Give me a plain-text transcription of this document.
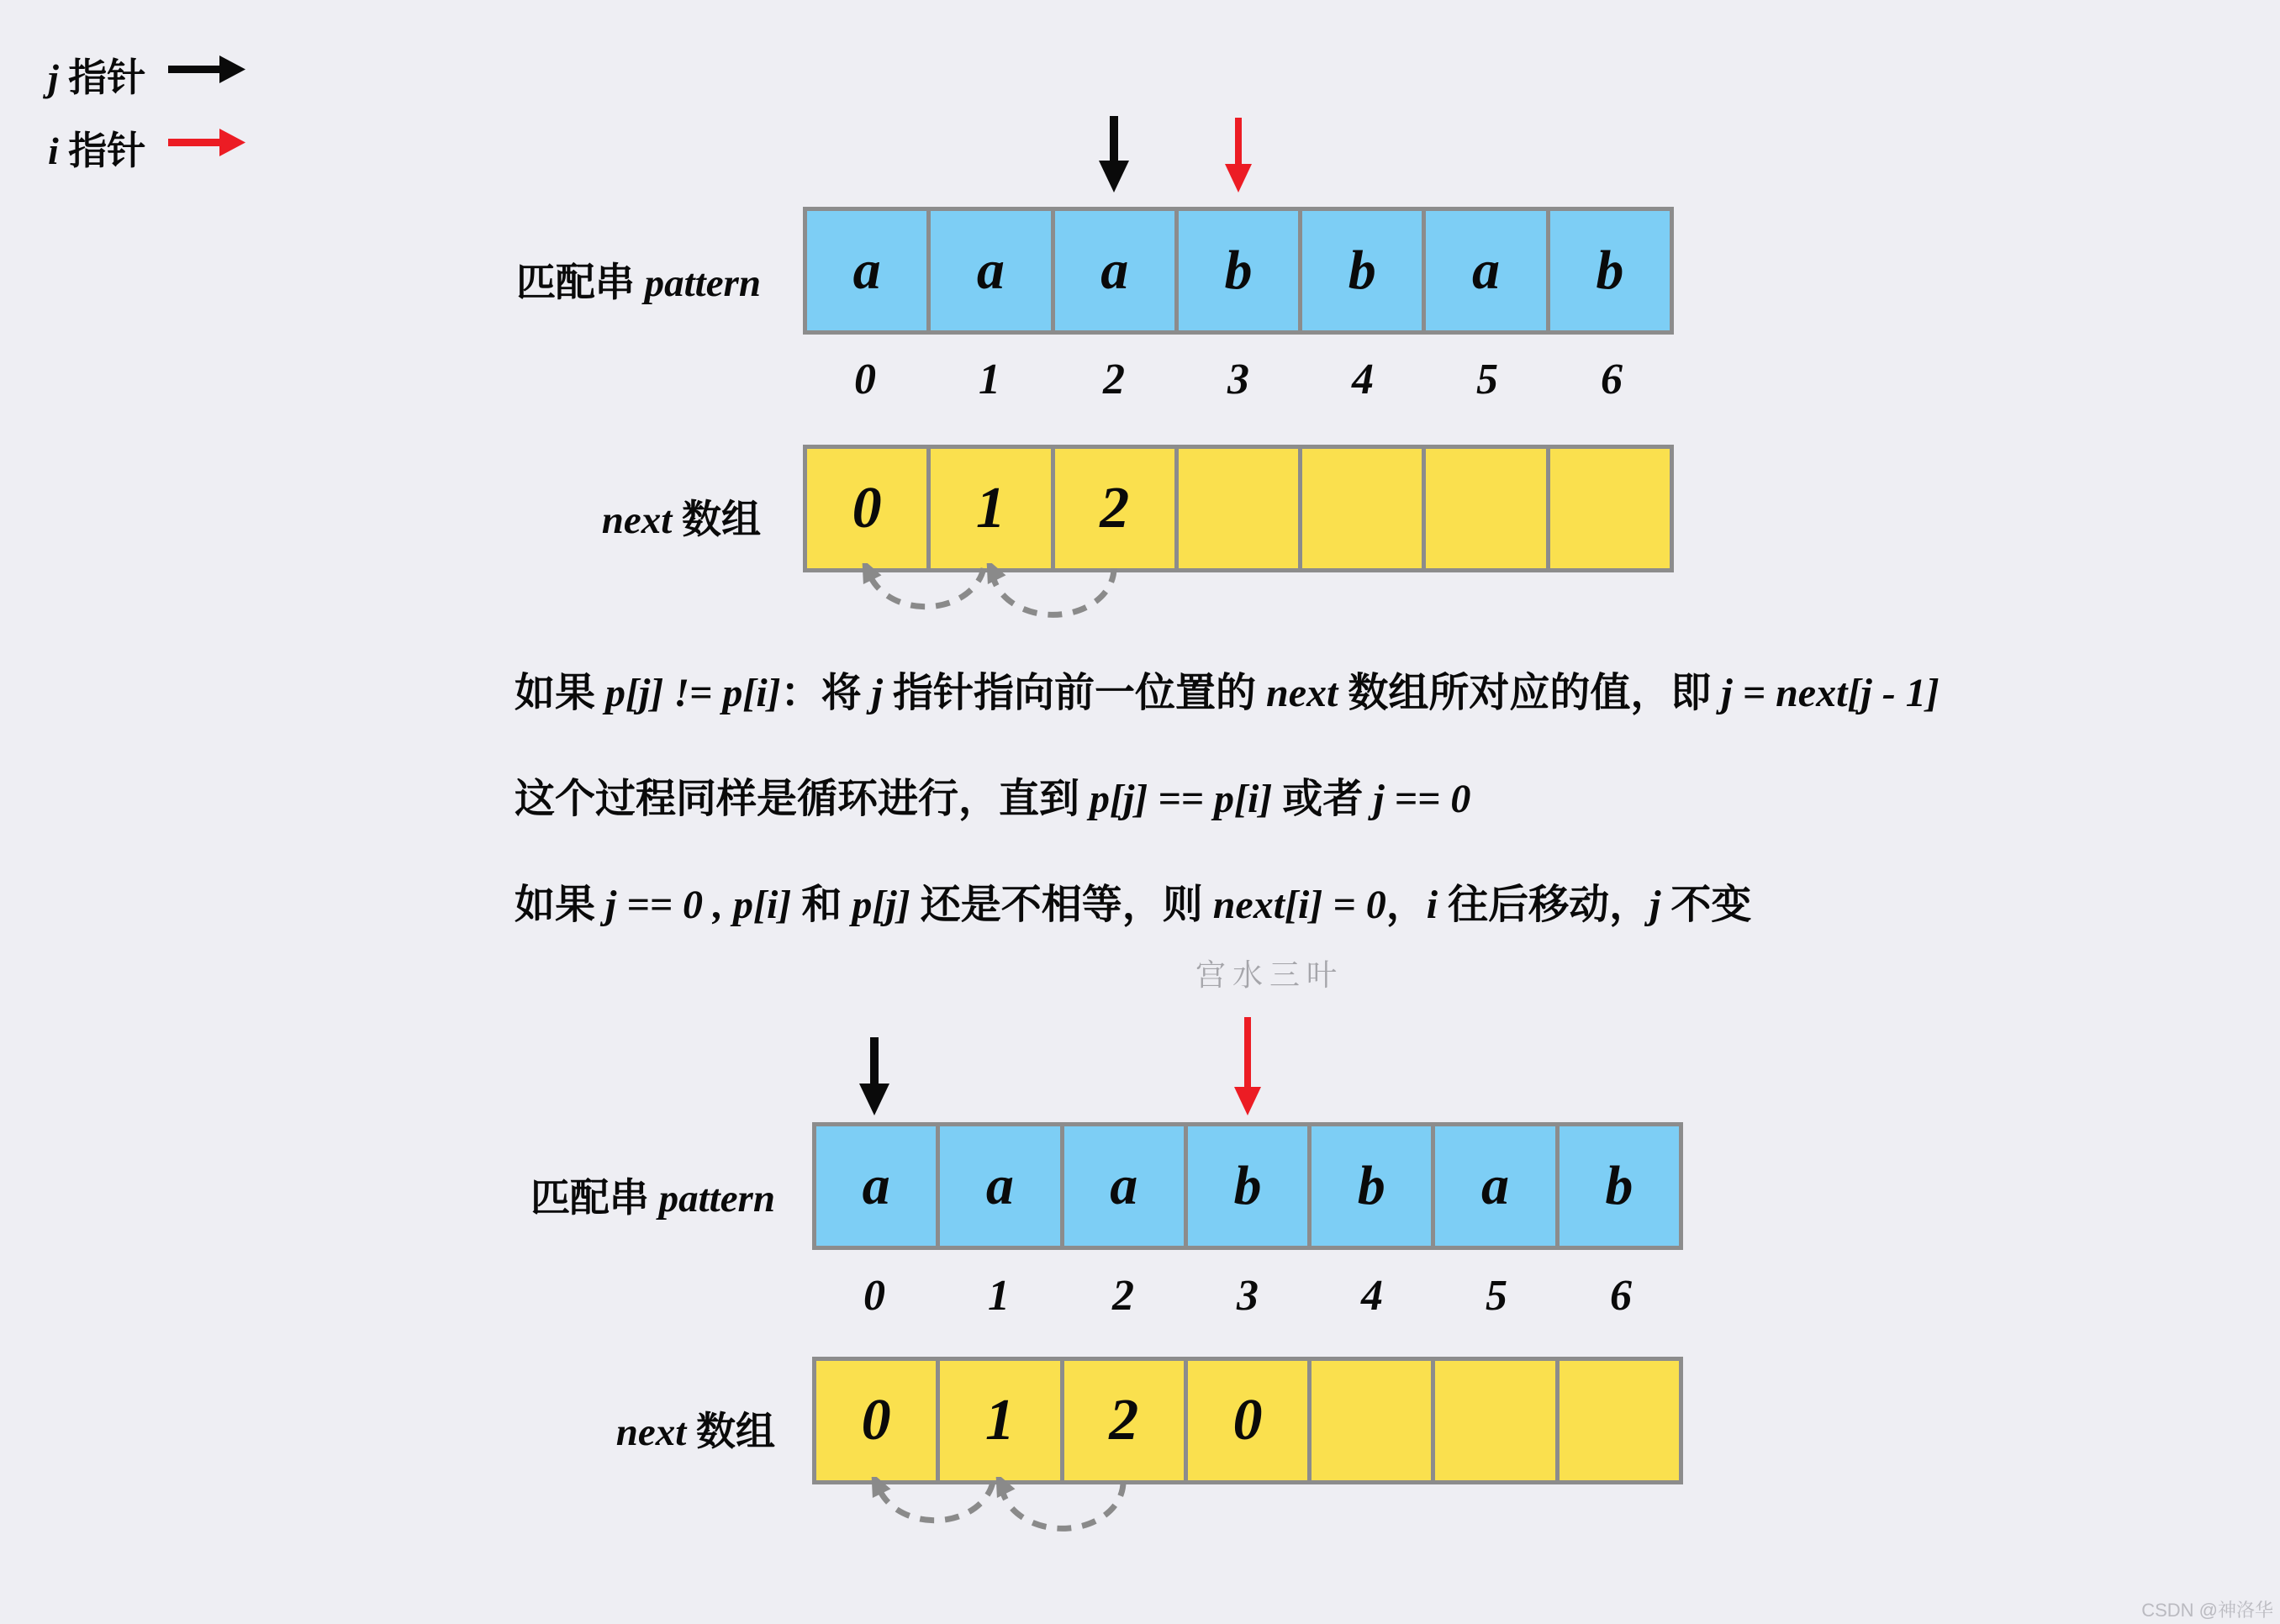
j 指针
i 指针
匹配串 pattern	a	a	a	b	b	a	b
0	1	2	3	4	5	6
next 数组	0	1	2
如果 p[j] != p[i]：将 j 指针指向前一位置的 next 数组所对应的值，即 j = next[j - 1]
这个过程同样是循环进行，直到 p[j] == p[i] 或者 j == 0
如果 j == 0 , p[i] 和 p[j] 还是不相等，则 next[i] = 0，i 往后移动，j 不变
宫水三叶
匹配串 pattern	a	a	a	b	b	a	b
0	1	2	3	4	5	6
next 数组	0	1	2	0
CSDN @神洛华
